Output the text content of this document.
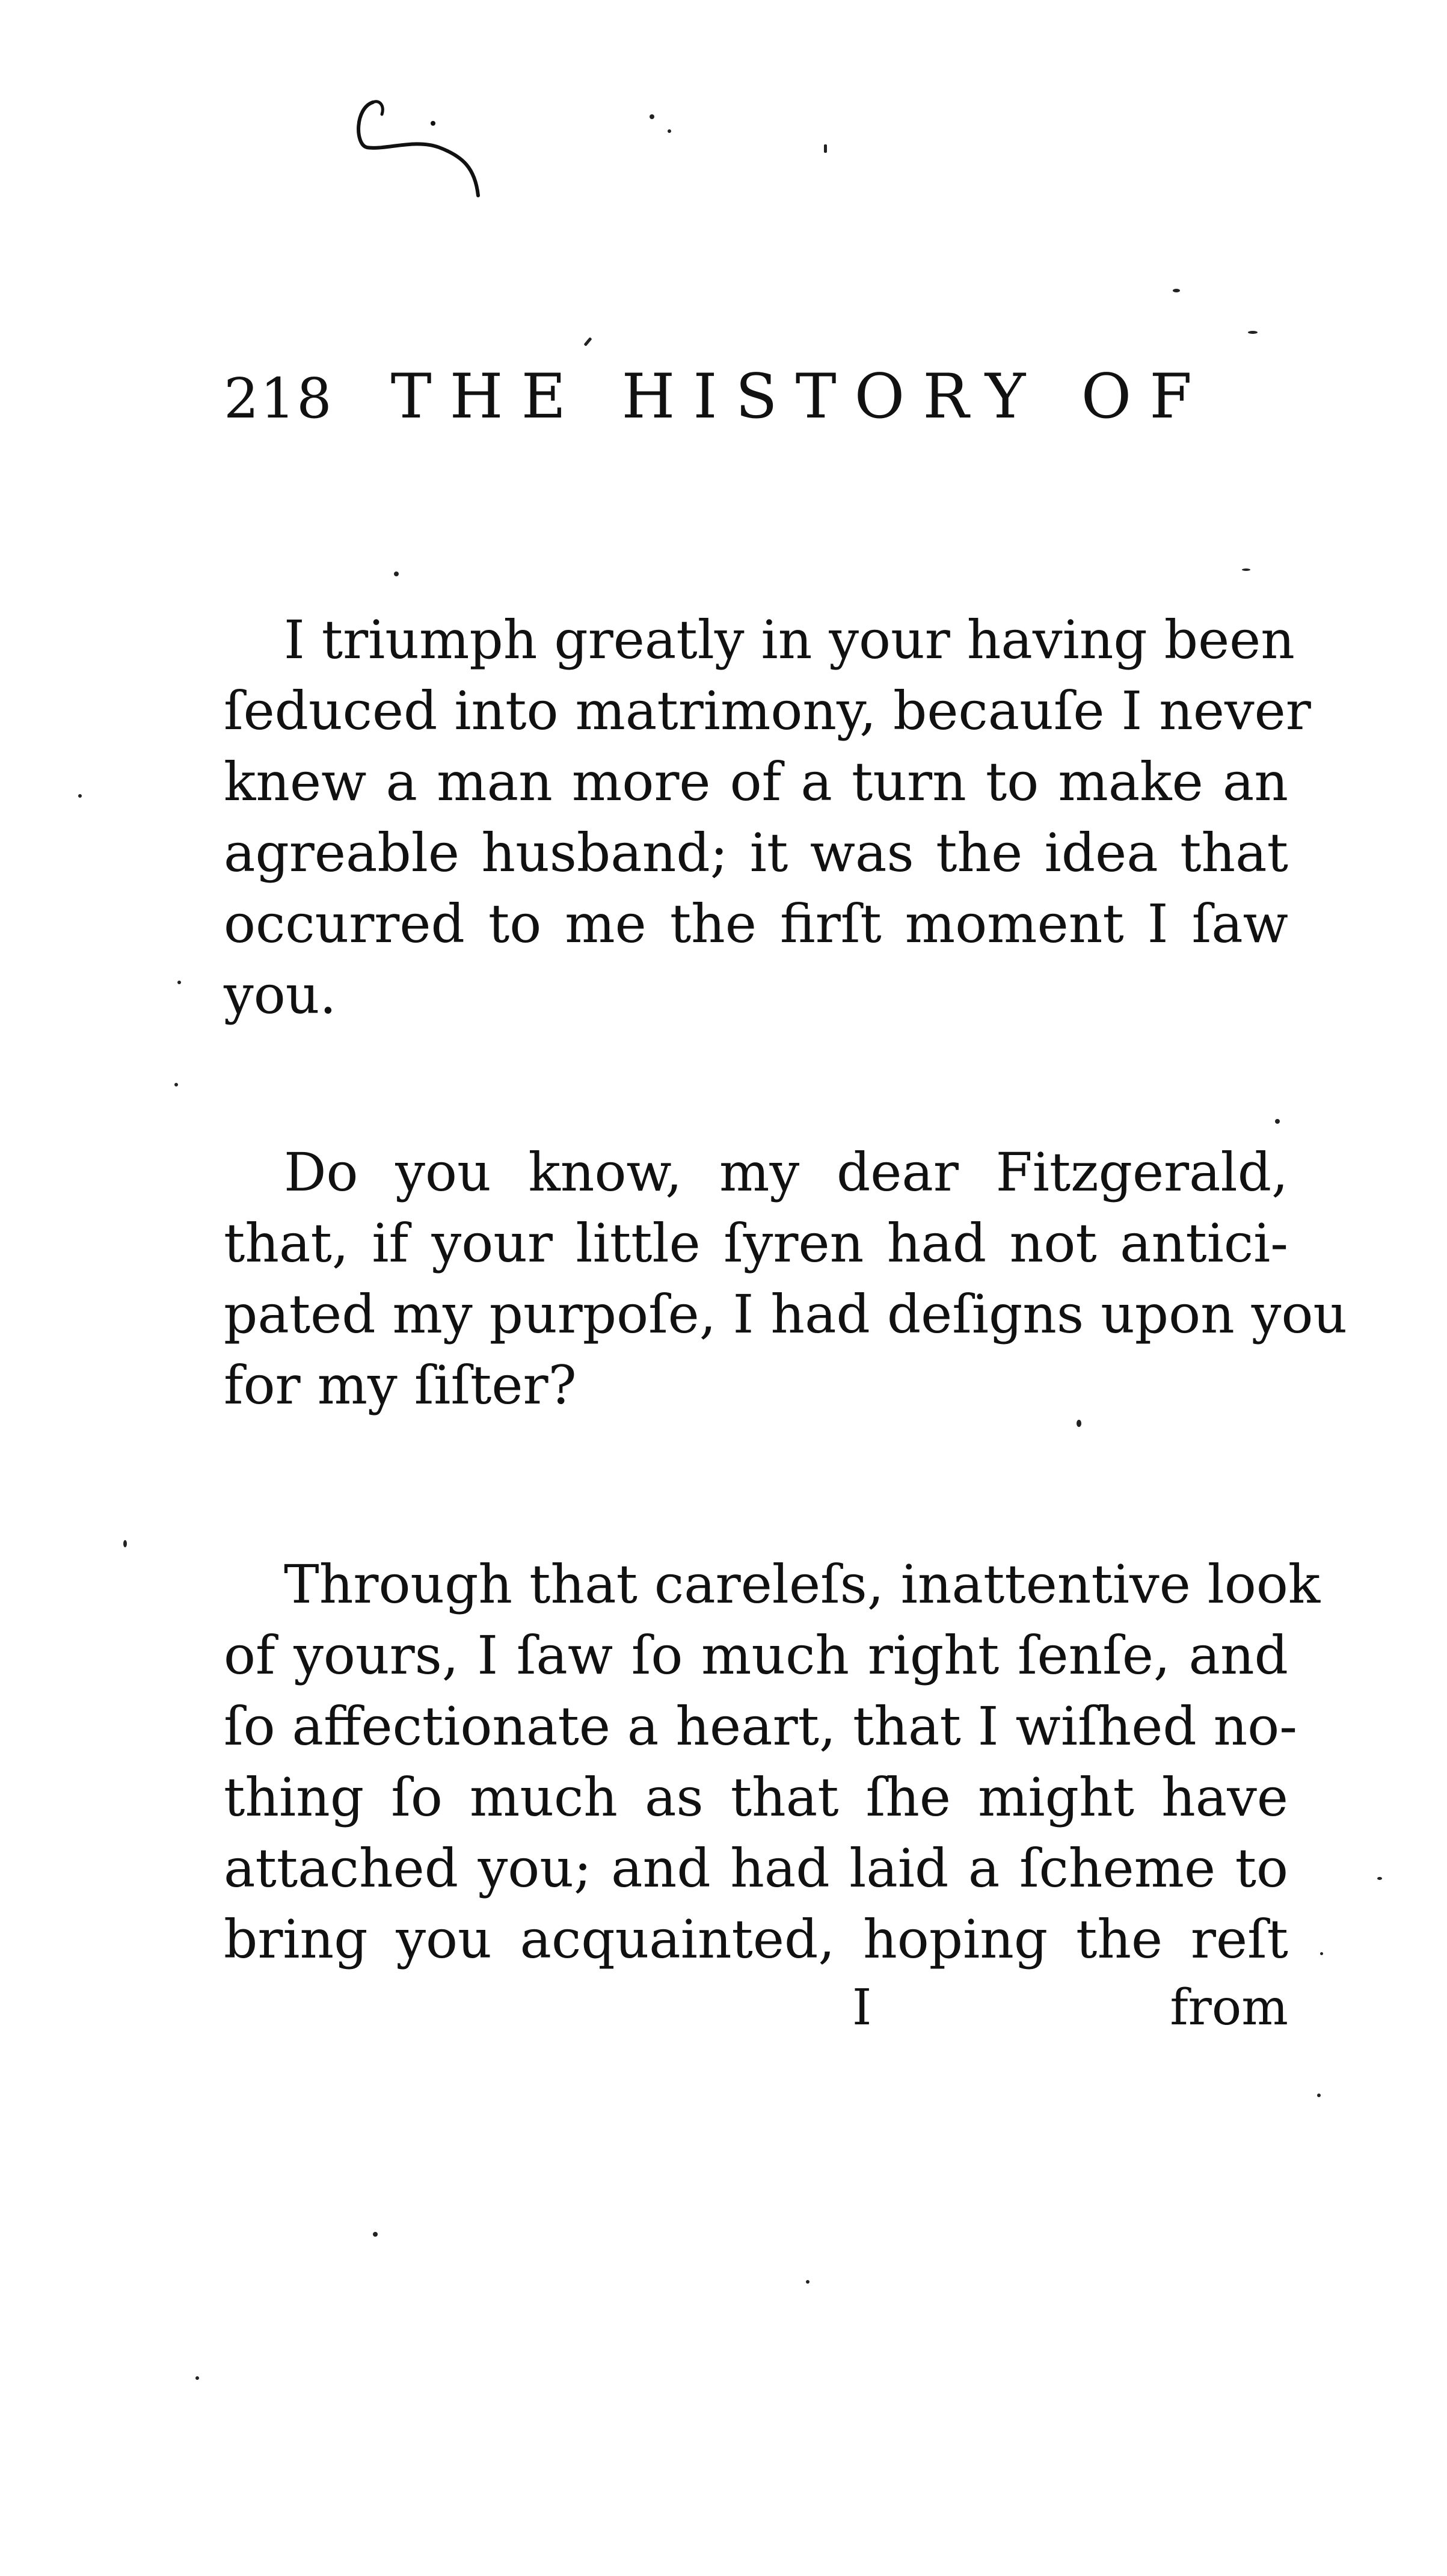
218 THE HISTORY OF
I triumph greatly in your having been
ſeduced into matrimony, becauſe I never
knew a man more of a turn to make an
agreable husband; it was the idea that
occurred to me the firſt moment I ſaw
you.
Do you know, my dear Fitzgerald,
that, if your little ſyren had not antici-
pated my purpoſe, I had deſigns upon you
for my ſiſter?
Through that careleſs, inattentive look
of yours, I ſaw ſo much right ſenſe, and
ſo affectionate a heart, that I wiſhed no-
thing ſo much as that ſhe might have
attached you; and had laid a ſcheme to
bring you acquainted, hoping the reſt
I	from
